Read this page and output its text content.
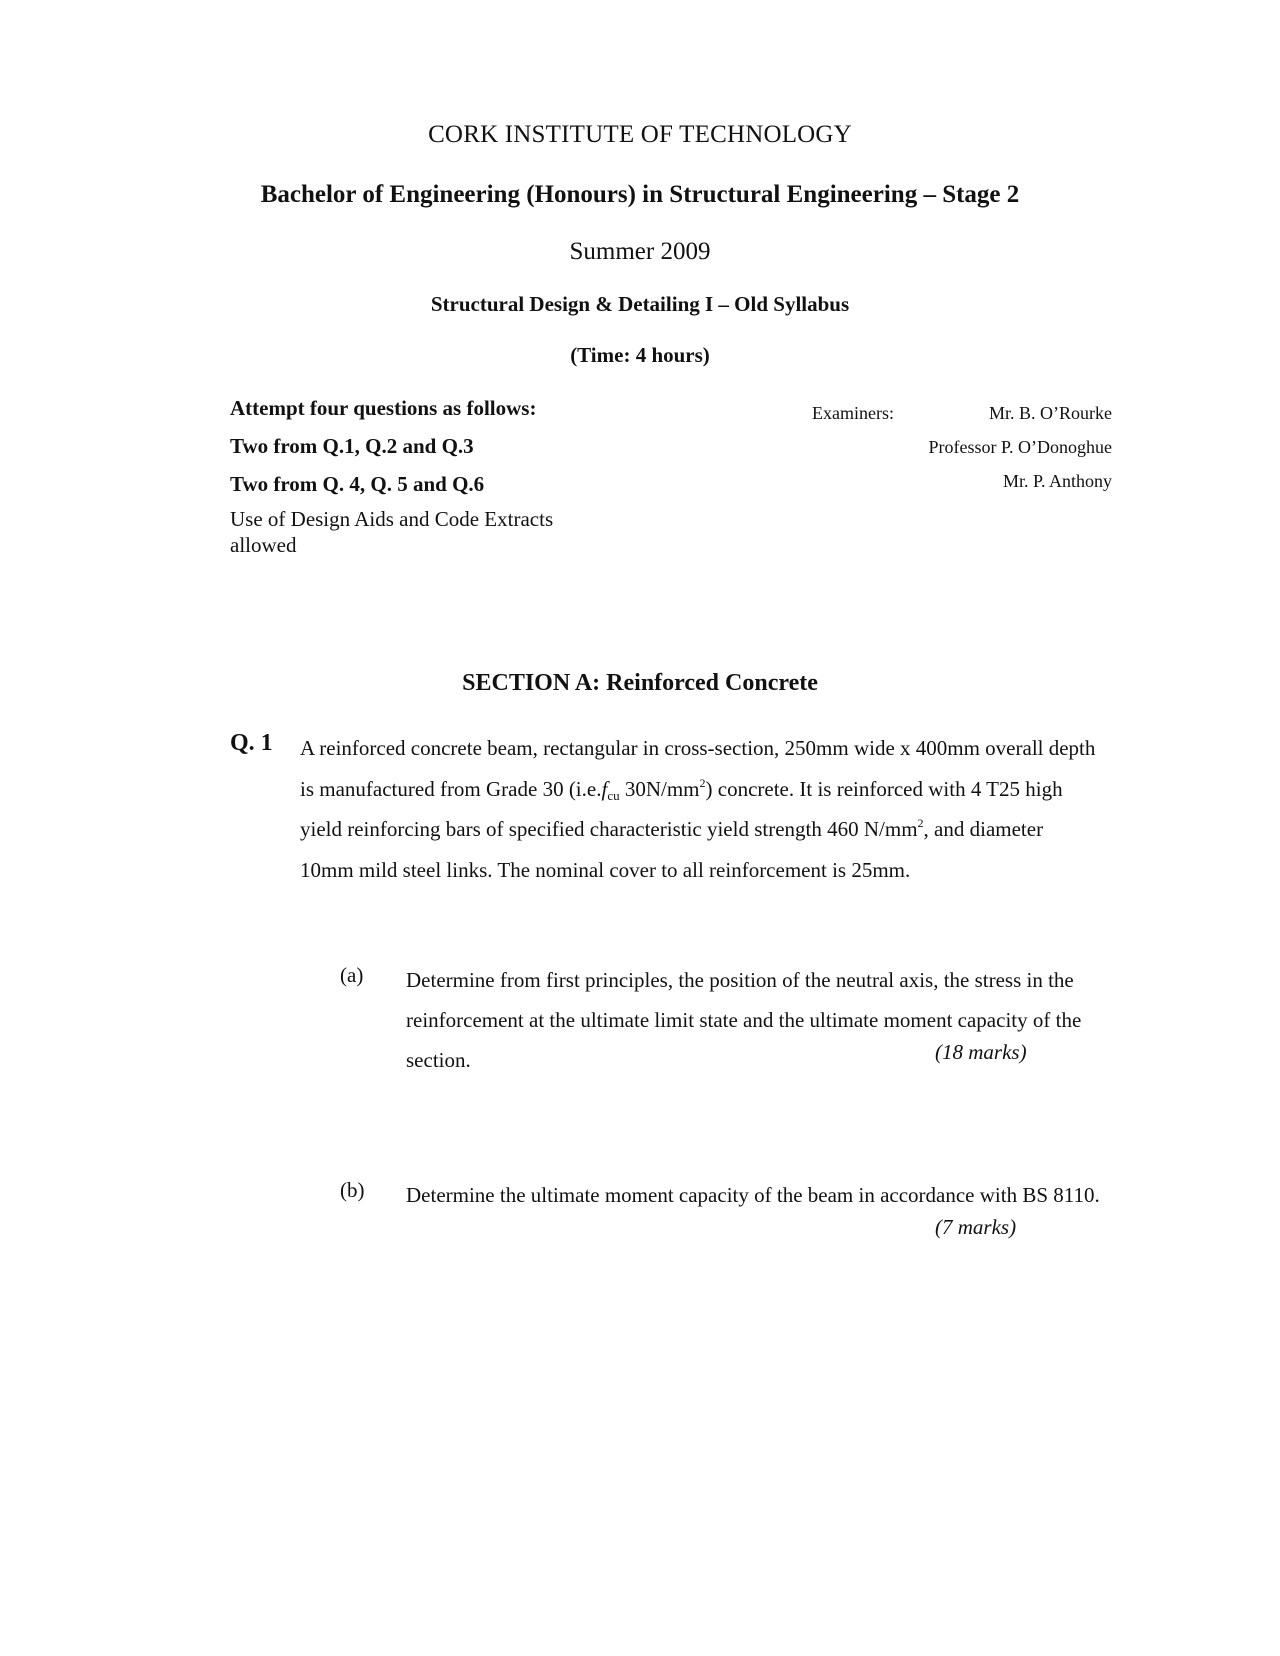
CORK INSTITUTE OF TECHNOLOGY
Bachelor of Engineering (Honours) in Structural Engineering – Stage 2
Summer 2009
Structural Design & Detailing I – Old Syllabus
(Time: 4 hours)
Attempt four questions as follows:
Two from Q.1, Q.2 and Q.3
Two from Q. 4, Q. 5 and Q.6
Use of Design Aids and Code Extracts allowed
Examiners:	Mr. B. O’Rourke
Professor P. O’Donoghue
Mr. P. Anthony
SECTION A: Reinforced Concrete
Q. 1 A reinforced concrete beam, rectangular in cross-section, 250mm wide x 400mm overall depth is manufactured from Grade 30 ($i.e.f_{cu}$ $30N/mm^2$) concrete. It is reinforced with 4 T25 high yield reinforcing bars of specified characteristic yield strength 460 $N/mm^2$, and diameter 10mm mild steel links. The nominal cover to all reinforcement is 25mm.
(a) Determine from first principles, the position of the neutral axis, the stress in the reinforcement at the ultimate limit state and the ultimate moment capacity of the section.	(18 marks)
(b) Determine the ultimate moment capacity of the beam in accordance with BS 8110.
(7 marks)
